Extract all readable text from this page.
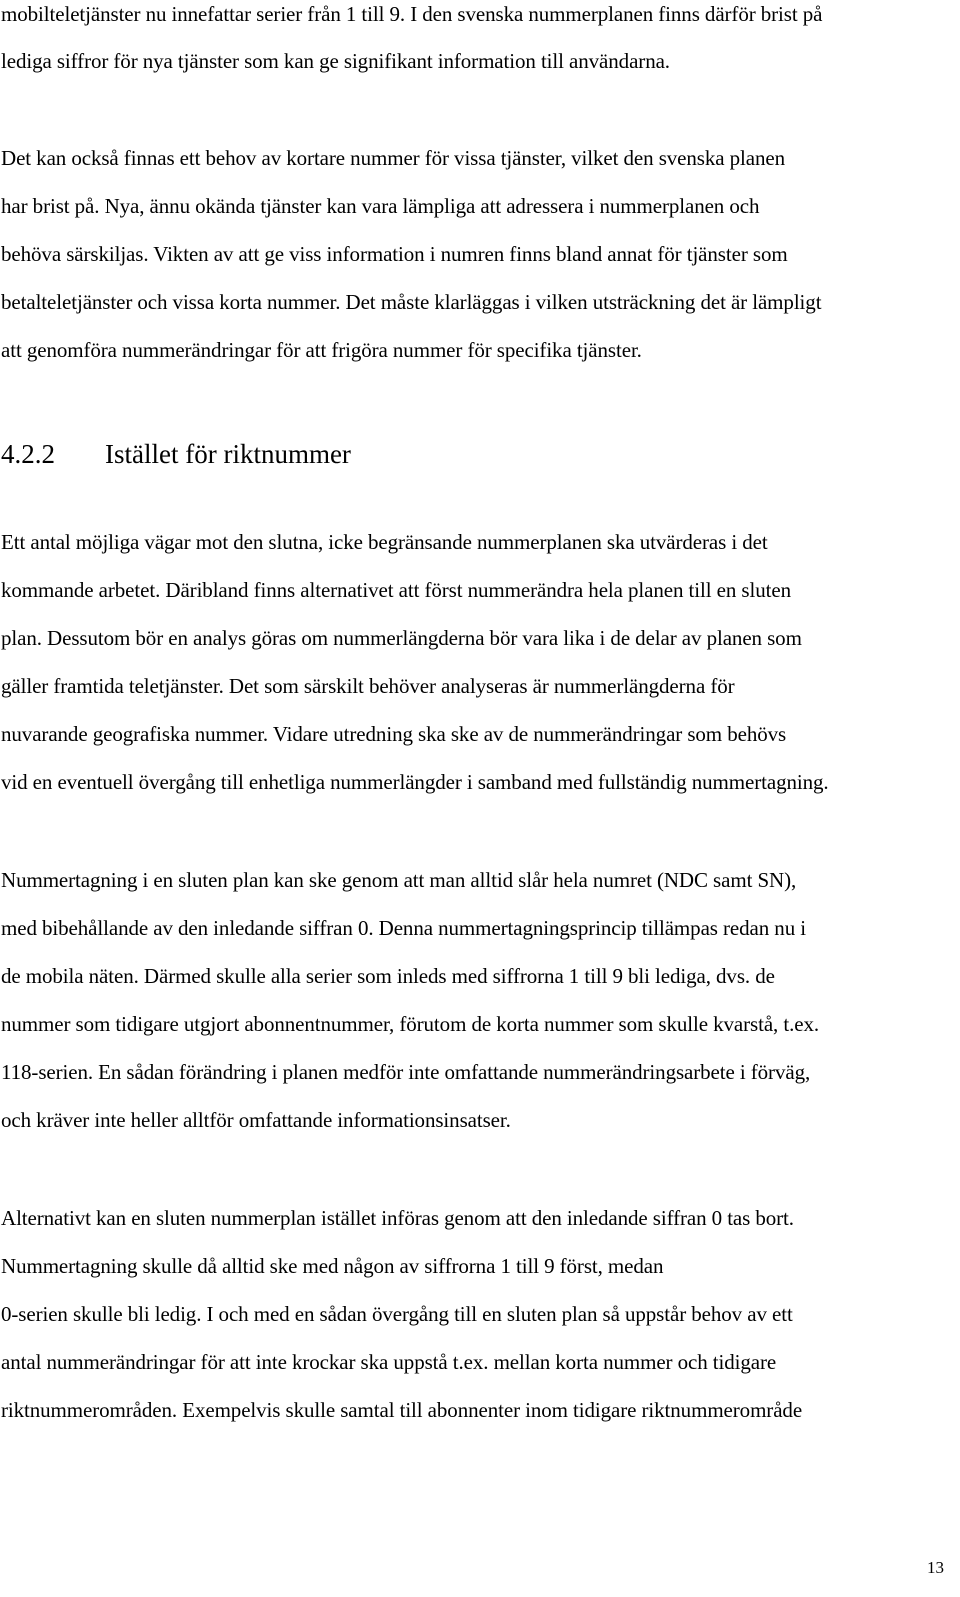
mobilteletjänster nu innefattar serier från 1 till 9. I den svenska nummerplanen finns därför brist på

lediga siffror för nya tjänster som kan ge signifikant information till användarna.

Det kan också finnas ett behov av kortare nummer för vissa tjänster, vilket den svenska planen

har brist på. Nya, ännu okända tjänster kan vara lämpliga att adressera i nummerplanen och

behöva särskiljas. Vikten av att ge viss information i numren finns bland annat för tjänster som

betalteletjänster och vissa korta nummer. Det måste klarläggas i vilken utsträckning det är lämpligt

att genomföra nummerändringar för att frigöra nummer för specifika tjänster.

4.2.2 Istället för riktnummer

Ett antal möjliga vägar mot den slutna, icke begränsande nummerplanen ska utvärderas i det

kommande arbetet. Däribland finns alternativet att först nummerändra hela planen till en sluten

plan. Dessutom bör en analys göras om nummerlängderna bör vara lika i de delar av planen som

gäller framtida teletjänster. Det som särskilt behöver analyseras är nummerlängderna för

nuvarande geografiska nummer. Vidare utredning ska ske av de nummerändringar som behövs

vid en eventuell övergång till enhetliga nummerlängder i samband med fullständig nummertagning.

Nummertagning i en sluten plan kan ske genom att man alltid slår hela numret (NDC samt SN),

med bibehållande av den inledande siffran 0. Denna nummertagningsprincip tillämpas redan nu i

de mobila näten. Därmed skulle alla serier som inleds med siffrorna 1 till 9 bli lediga, dvs. de

nummer som tidigare utgjort abonnentnummer, förutom de korta nummer som skulle kvarstå, t.ex.

118-serien. En sådan förändring i planen medför inte omfattande nummerändringsarbete i förväg,

och kräver inte heller alltför omfattande informationsinsatser.

Alternativt kan en sluten nummerplan istället införas genom att den inledande siffran 0 tas bort.

Nummertagning skulle då alltid ske med någon av siffrorna 1 till 9 först, medan

0-serien skulle bli ledig. I och med en sådan övergång till en sluten plan så uppstår behov av ett

antal nummerändringar för att inte krockar ska uppstå t.ex. mellan korta nummer och tidigare

riktnummerområden. Exempelvis skulle samtal till abonnenter inom tidigare riktnummerområde

13
